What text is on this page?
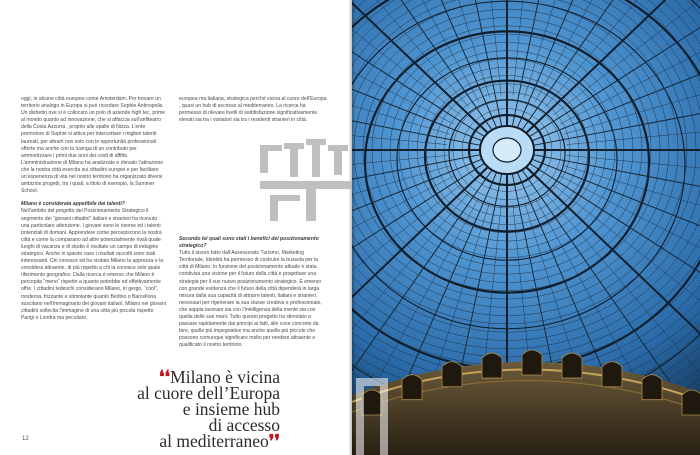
oggi, in alcune città europee come Amsterdam. Per trovare un territorio analogo in Europa si può ricordare Sophie Antinopolis. Un distretto ove si è collocato un polo di aziende high tec, prime al mondo quanto ad innovazione, che si affaccia sull’anfiteatro della Costa Azzurra , proprio alle spalle di Nizza. L’ente promotore di Sophie si attiva per intercettare i migliori talenti laureati, per attrarli non solo con le opportunità professionali offerte ma anche con la lusinga di un contributo per ammortizzare i primi due anni dei costi di affitto. L’amministrazione di Milano ha analizzato e rilevato l’attrazione che la nostra città esercita sui cittadini europei e per facilitare un’esperienza di vita nel nostro territorio ha organizzato diversi ambizios progetti, tra i quali, a titolo di esempio, la Summer School.

Milano è considerata appetibile dai talenti?

Nell’ambito del progetto del Posizionamento Strategico il segmento dei “giovani cittadini” italiani e stranieri ha ricevuto una particolare attenzione. I giovani sono le risorse ed i talenti potenziali di domani. Apprendere come percepiscono la nostra città e come la comparano ad altre potenzialmente rivali quale luoghi di vacanza e di studio è risultato un campo di indagine strategico. Anche in questo caso i risultati raccolti sono stati interessanti. Chi conosce ed ha visitato Milano la apprezza e la considera attraente, di più rispetto a chi la conosce solo quale riferimento geografico. Dalla ricerca è emerso che Milano è percepita “meno” rispetto a quanto potrebbe ed effettivamente offre. I cittadini tedeschi considerano Milano, in gergo, “cool”, moderna, frizzante e stimolante quanto Berlino o Barcellona suscitano nell’immaginario dei giovani italiani. Milano nei giovani cittadini sollecita l’immagine di una città più piccola rispetto Parigi o Londra ma peculiare,

europea ma italiana, strategica perché vicina al cuore dell’Europa , quasi un hub di accesso al mediterraneo. La ricerca ha permesso di rilevare livelli di soddisfazione significativamente elevati sia tra i visitatori sia tra i residenti stranieri in città.

Secondo lei quali sono stati i benefici del posizionamento strategico?

Tutto il lavoro fatto dall’Assessorato Turismo, Marketing Territoriale, Identità ha permesso di costruire la bussola per la città di Milano. In funzione del posizionamento attuale è stata condivisa una visione per il futuro della città e progettare una strategia per il suo nuovo posizionamento strategico. È emerso con grande evidenza che il futuro della città dipenderà in larga misura dalla sua capacità di attrarre talenti, italiani e stranieri, necessari per rigenerare la sua classe creativa e professionale, che sappia lavorare sia con l’intelligenza della mente sia con quella delle sue mani. Tutto questo progetto ha stimolato a passare rapidamente dai principi ai fatti, alle cose concrete da fare, quelle più impegnative ma anche quelle più piccole che possono comunque significare molto per rendere attraente e qualificato il nostro territorio.

❛❛Milano è vicina
al cuore dell’Europa
e insieme hub
di accesso
al mediterraneo❜❜
12
